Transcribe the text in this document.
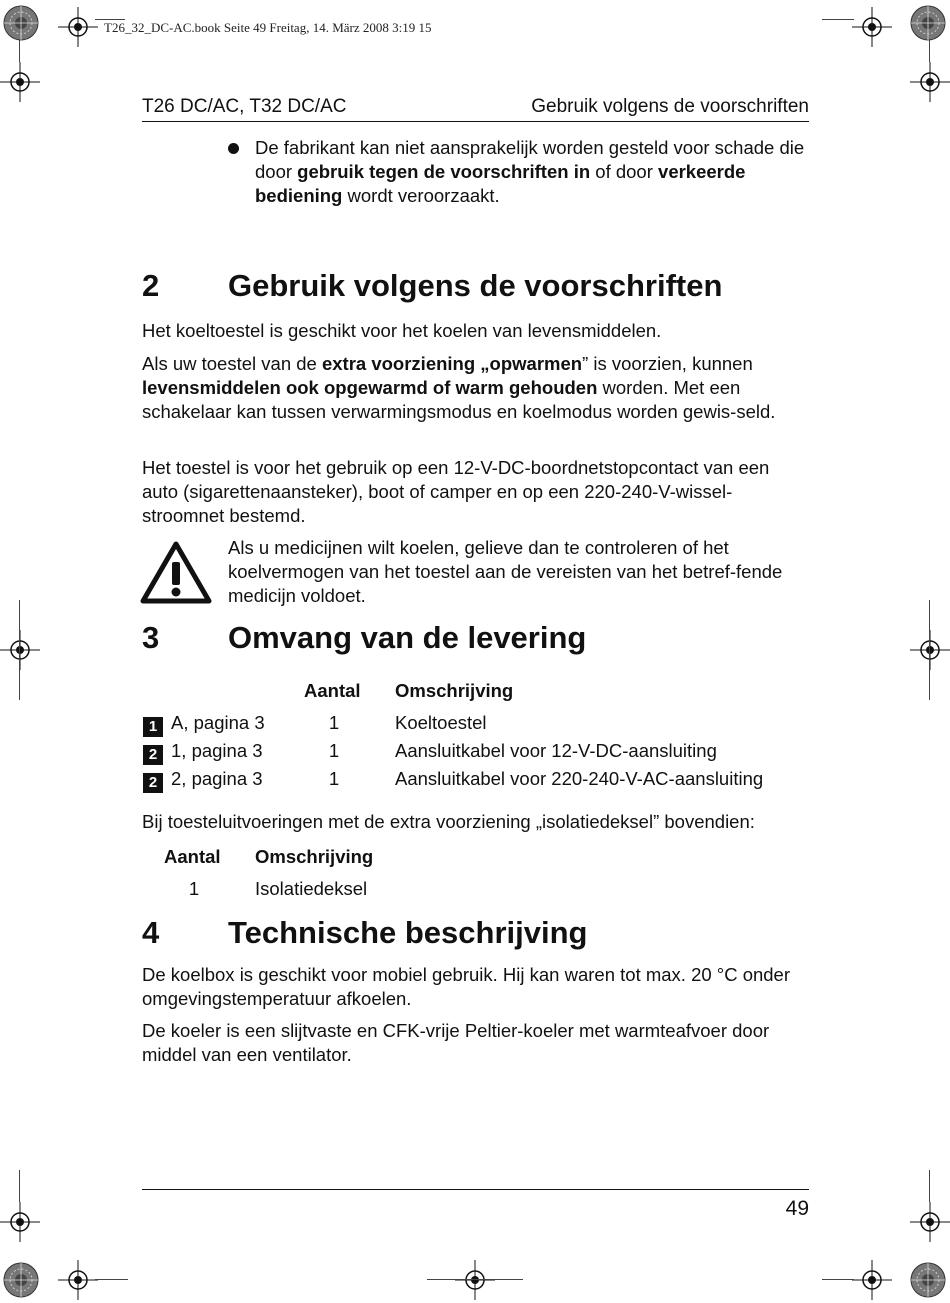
T26_32_DC-AC.book Seite 49 Freitag, 14. März 2008 3:19 15
T26 DC/AC, T32 DC/AC	Gebruik volgens de voorschriften

De fabrikant kan niet aansprakelijk worden gesteld voor schade die door gebruik tegen de voorschriften in of door verkeerde bediening wordt veroorzaakt.

2 Gebruik volgens de voorschriften

Het koeltoestel is geschikt voor het koelen van levensmiddelen.

Als uw toestel van de extra voorziening „opwarmen” is voorzien, kunnen levensmiddelen ook opgewarmd of warm gehouden worden. Met een schakelaar kan tussen verwarmingsmodus en koelmodus worden gewis-seld.

Het toestel is voor het gebruik op een 12-V-DC-boordnetstopcontact van een auto (sigarettenaansteker), boot of camper en op een 220-240-V-wissel-stroomnet bestemd.

Als u medicijnen wilt koelen, gelieve dan te controleren of het koelvermogen van het toestel aan de vereisten van het betref-fende medicijn voldoet.

3 Omvang van de levering
Aantal Omschrijving
1 A, pagina 3	1	Koeltoestel
2 1, pagina 3	1	Aansluitkabel voor 12-V-DC-aansluiting
2 2, pagina 3	1	Aansluitkabel voor 220-240-V-AC-aansluiting

Bij toesteluitvoeringen met de extra voorziening „isolatiedeksel” bovendien:

Aantal Omschrijving
1	Isolatiedeksel
4 Technische beschrijving

De koelbox is geschikt voor mobiel gebruik. Hij kan waren tot max. 20 °C onder omgevingstemperatuur afkoelen.

De koeler is een slijtvaste en CFK-vrije Peltier-koeler met warmteafvoer door middel van een ventilator.

49
